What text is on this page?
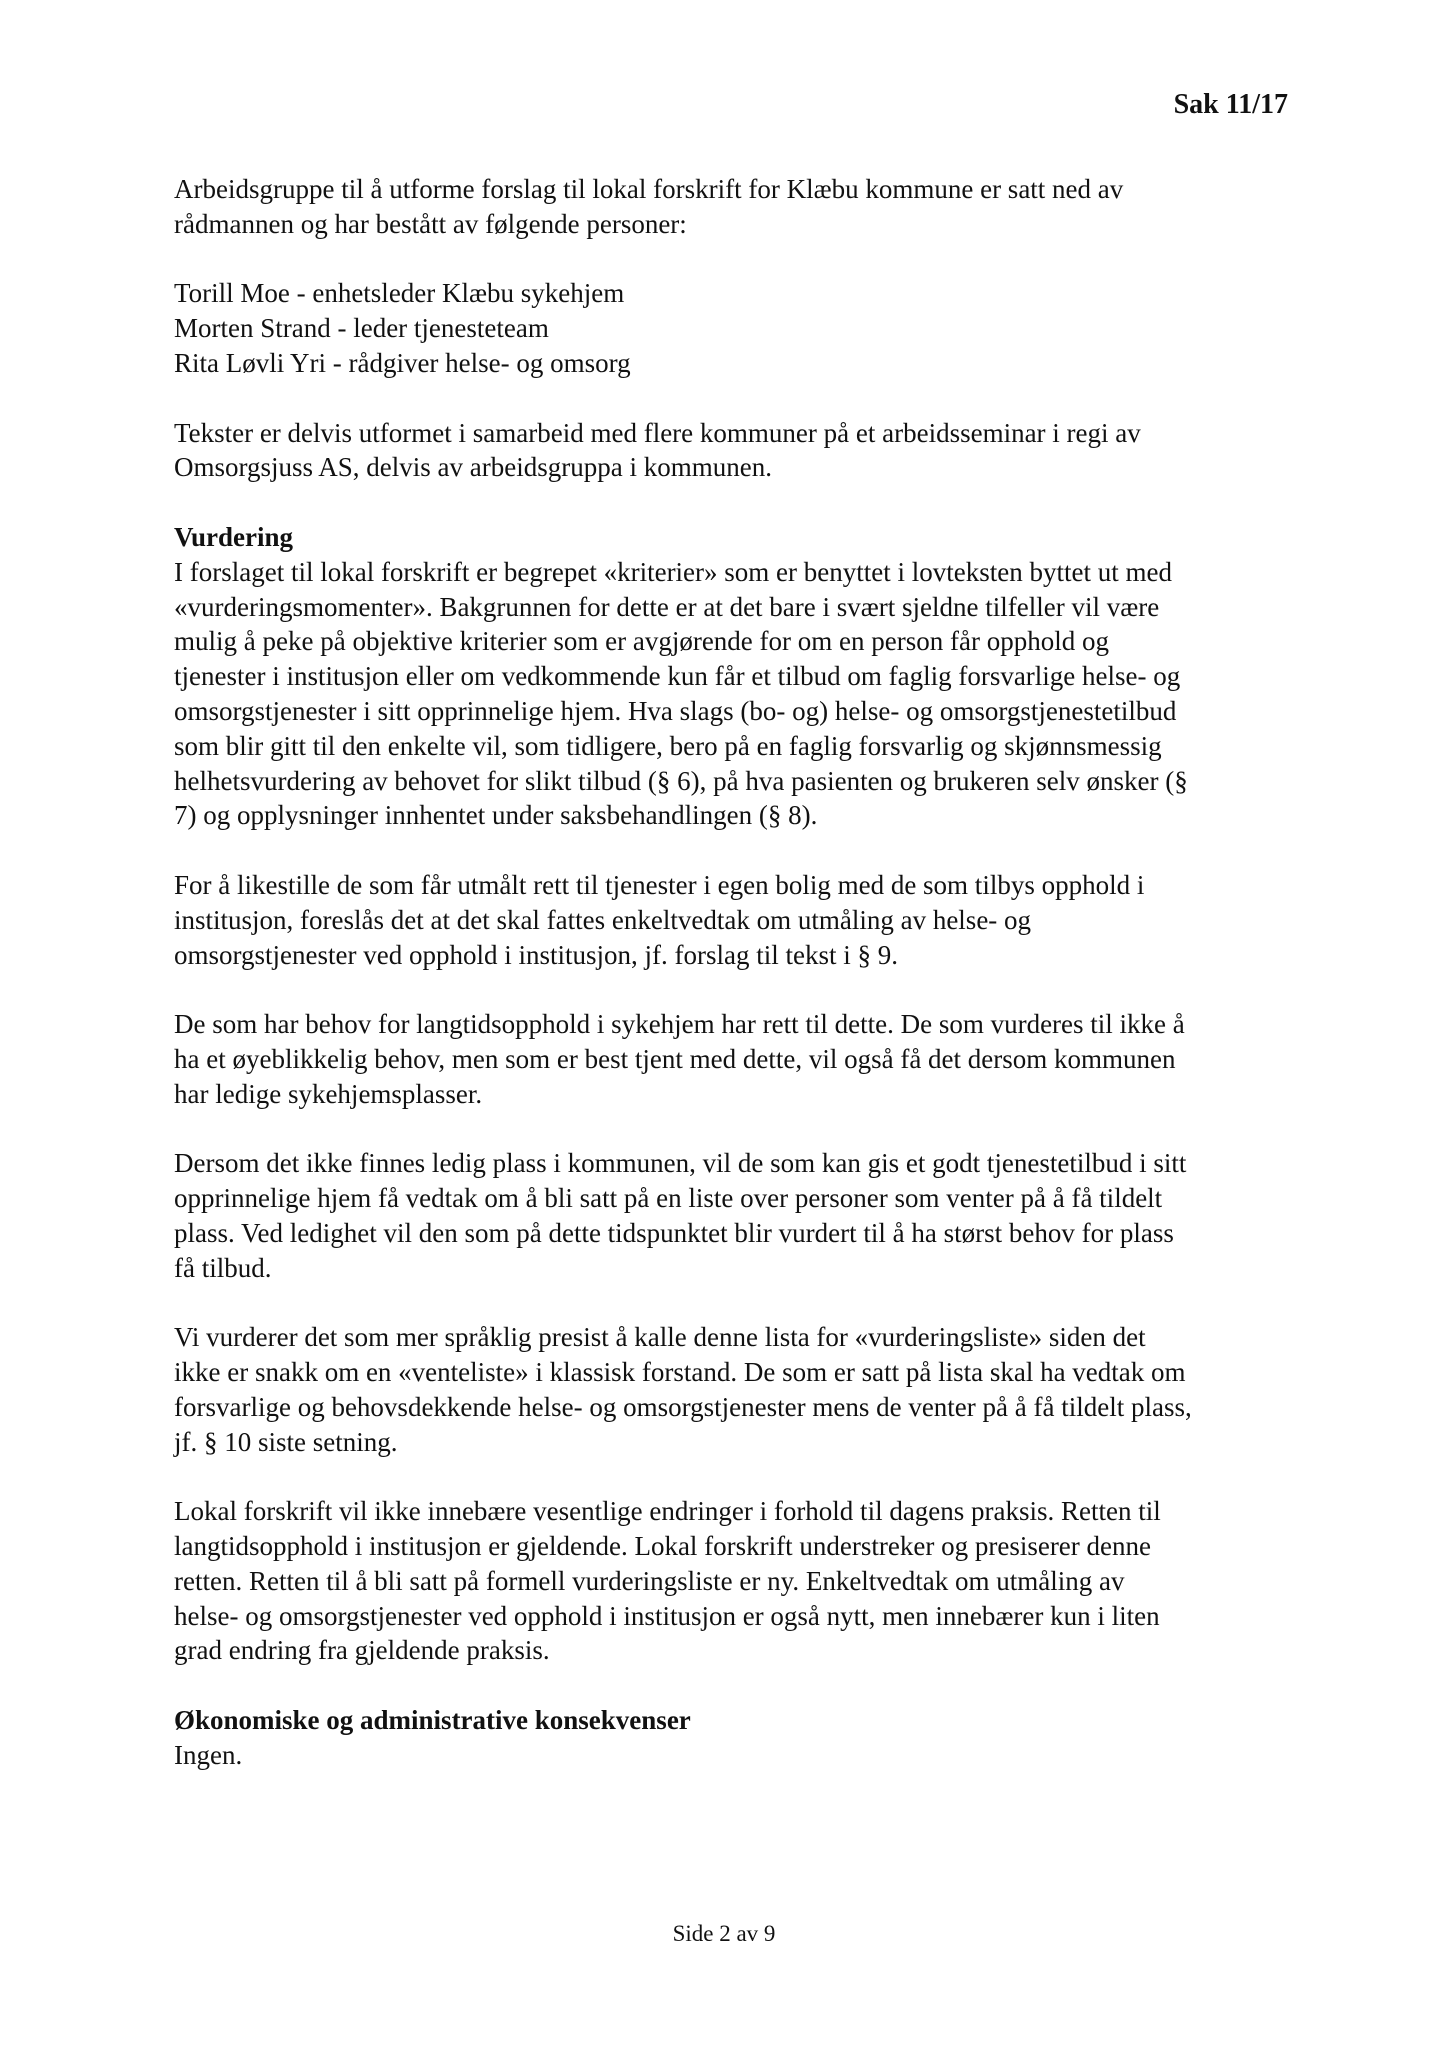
Sak 11/17
Arbeidsgruppe til å utforme forslag til lokal forskrift for Klæbu kommune er satt ned av
rådmannen og har bestått av følgende personer:
Torill Moe - enhetsleder Klæbu sykehjem
Morten Strand - leder tjenesteteam
Rita Løvli Yri - rådgiver helse- og omsorg
Tekster er delvis utformet i samarbeid med flere kommuner på et arbeidsseminar i regi av
Omsorgsjuss AS, delvis av arbeidsgruppa i kommunen.
Vurdering
I forslaget til lokal forskrift er begrepet «kriterier» som er benyttet i lovteksten byttet ut med
«vurderingsmomenter». Bakgrunnen for dette er at det bare i svært sjeldne tilfeller vil være
mulig å peke på objektive kriterier som er avgjørende for om en person får opphold og
tjenester i institusjon eller om vedkommende kun får et tilbud om faglig forsvarlige helse- og
omsorgstjenester i sitt opprinnelige hjem. Hva slags (bo- og) helse- og omsorgstjenestetilbud
som blir gitt til den enkelte vil, som tidligere, bero på en faglig forsvarlig og skjønnsmessig
helhetsvurdering av behovet for slikt tilbud (§ 6), på hva pasienten og brukeren selv ønsker (§
7) og opplysninger innhentet under saksbehandlingen (§ 8).
For å likestille de som får utmålt rett til tjenester i egen bolig med de som tilbys opphold i
institusjon, foreslås det at det skal fattes enkeltvedtak om utmåling av helse- og
omsorgstjenester ved opphold i institusjon, jf. forslag til tekst i § 9.
De som har behov for langtidsopphold i sykehjem har rett til dette. De som vurderes til ikke å
ha et øyeblikkelig behov, men som er best tjent med dette, vil også få det dersom kommunen
har ledige sykehjemsplasser.
Dersom det ikke finnes ledig plass i kommunen, vil de som kan gis et godt tjenestetilbud i sitt
opprinnelige hjem få vedtak om å bli satt på en liste over personer som venter på å få tildelt
plass. Ved ledighet vil den som på dette tidspunktet blir vurdert til å ha størst behov for plass
få tilbud.
Vi vurderer det som mer språklig presist å kalle denne lista for «vurderingsliste» siden det
ikke er snakk om en «venteliste» i klassisk forstand. De som er satt på lista skal ha vedtak om
forsvarlige og behovsdekkende helse- og omsorgstjenester mens de venter på å få tildelt plass,
jf. § 10 siste setning.
Lokal forskrift vil ikke innebære vesentlige endringer i forhold til dagens praksis. Retten til
langtidsopphold i institusjon er gjeldende. Lokal forskrift understreker og presiserer denne
retten. Retten til å bli satt på formell vurderingsliste er ny. Enkeltvedtak om utmåling av
helse- og omsorgstjenester ved opphold i institusjon er også nytt, men innebærer kun i liten
grad endring fra gjeldende praksis.
Økonomiske og administrative konsekvenser
Ingen.
Side 2 av 9
